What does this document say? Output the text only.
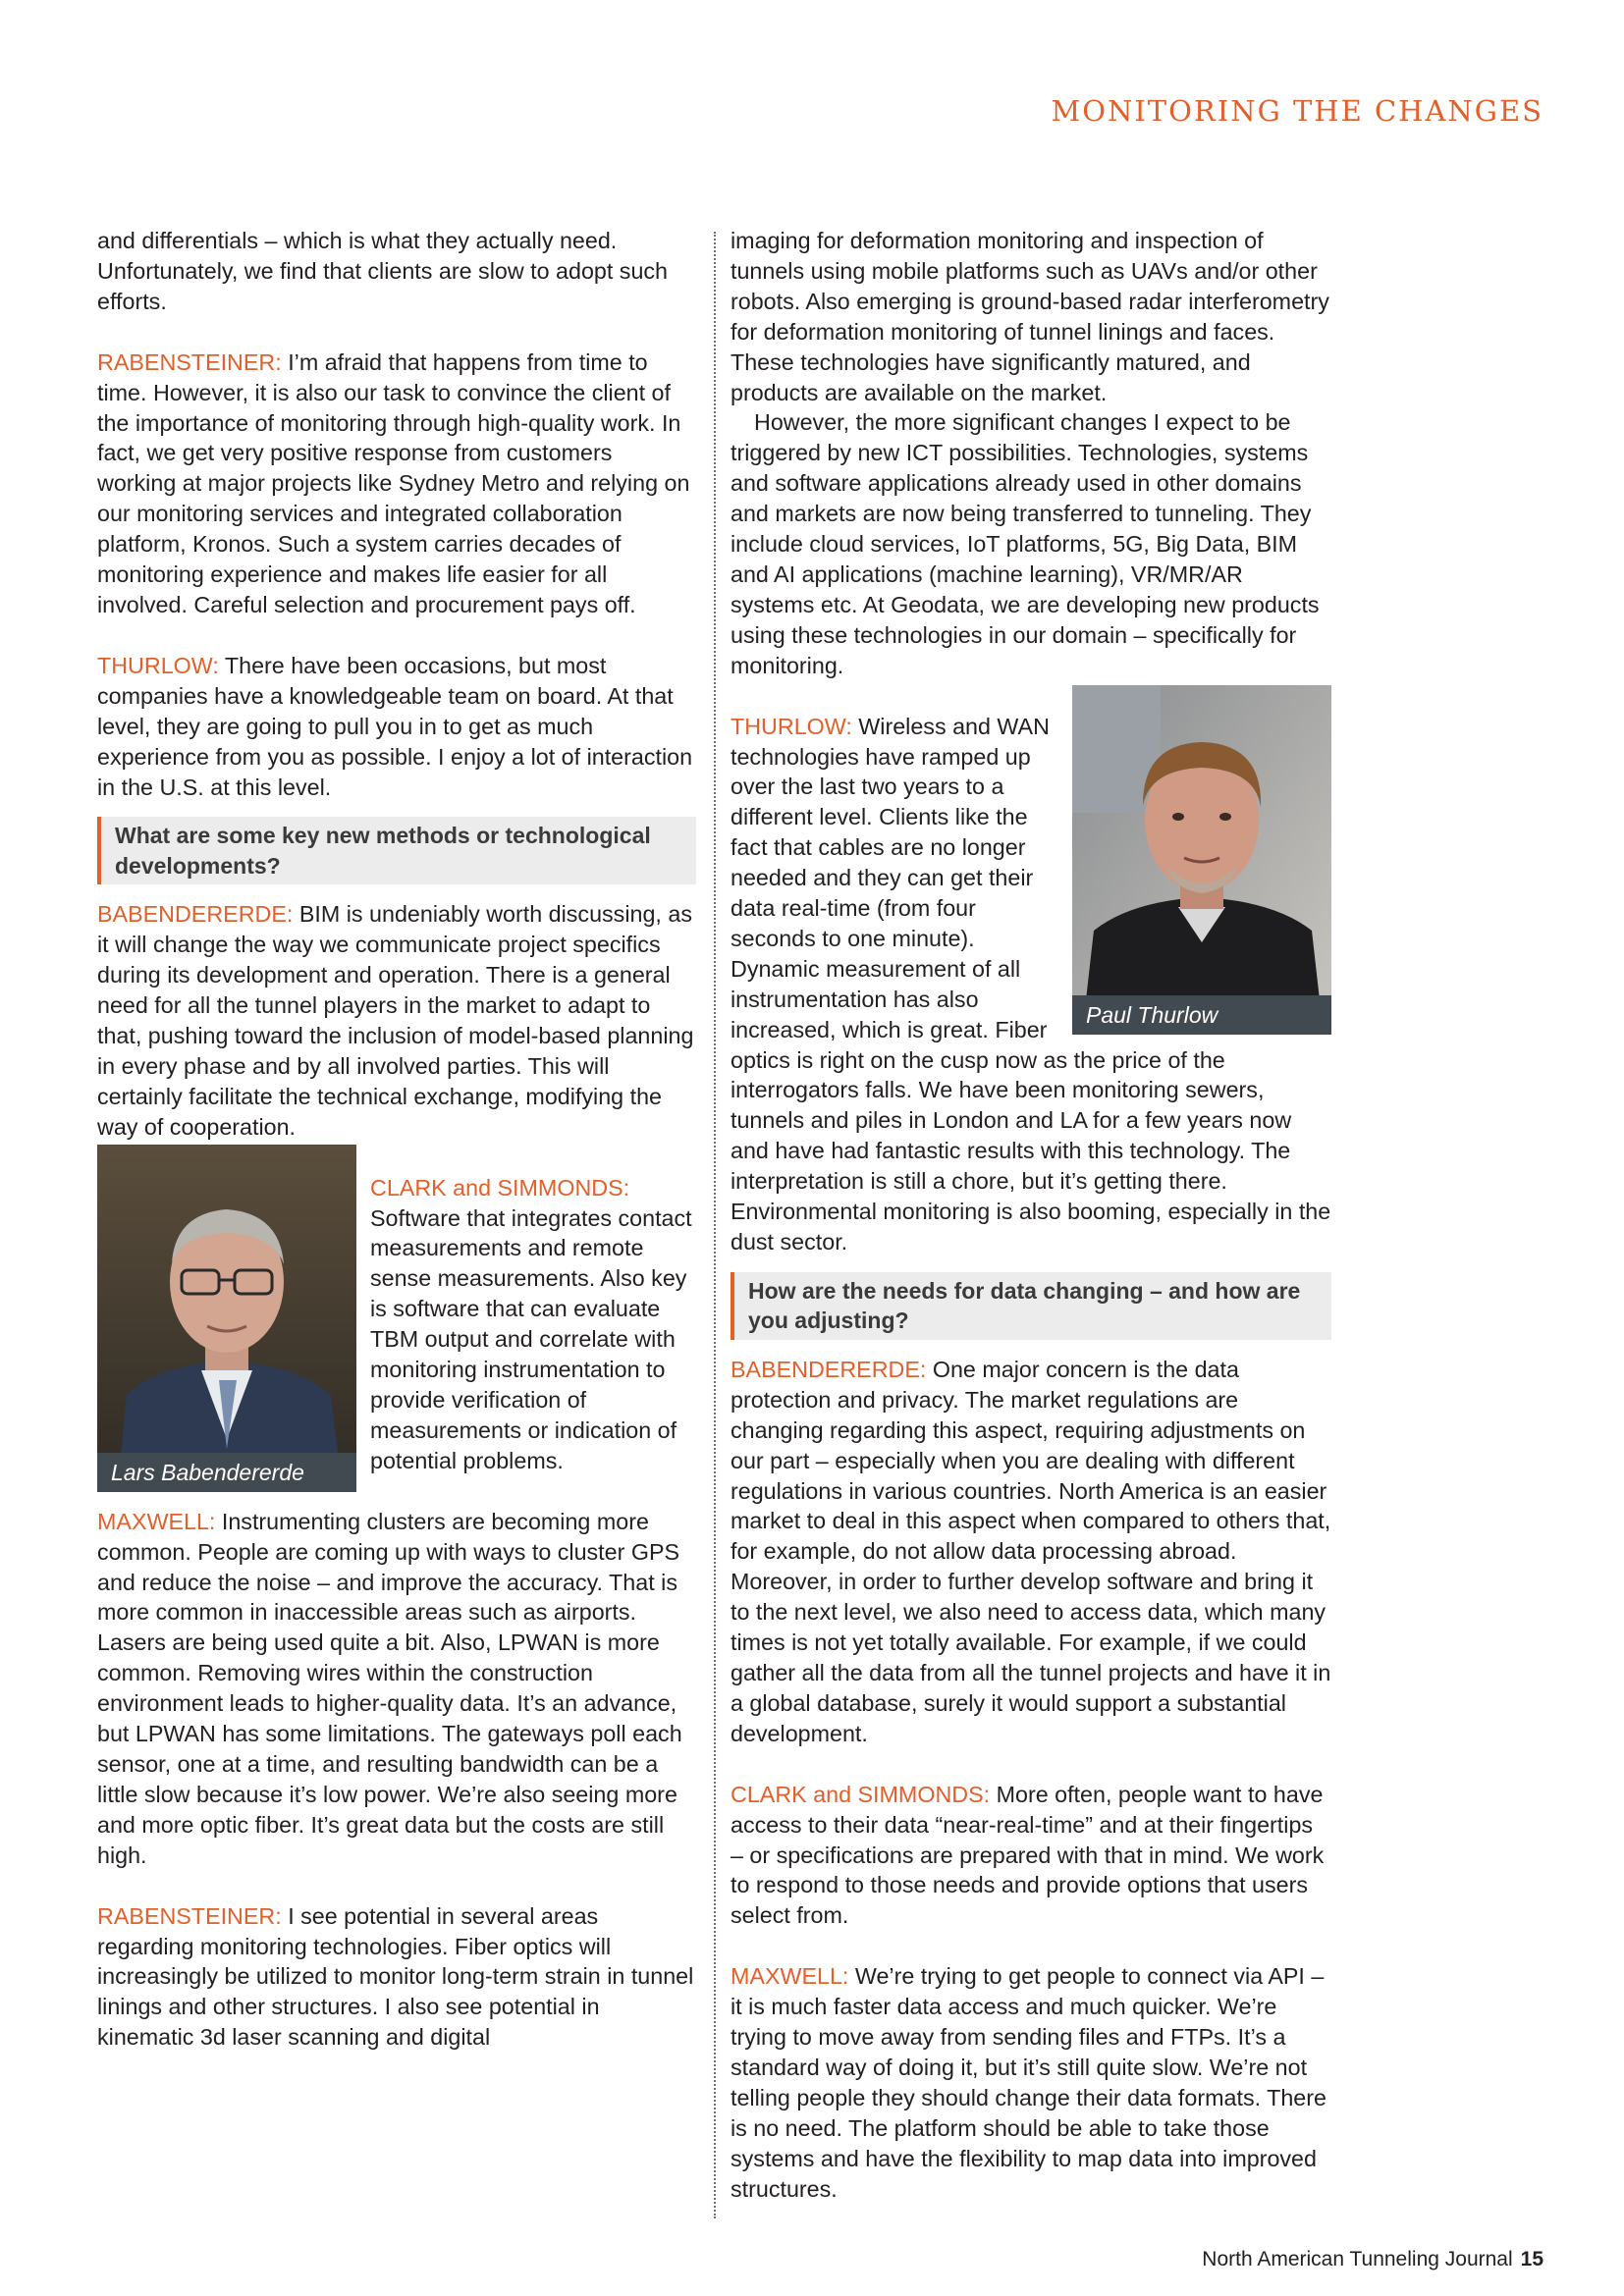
MONITORING THE CHANGES

and differentials – which is what they actually need. Unfortunately, we find that clients are slow to adopt such efforts.

RABENSTEINER: I’m afraid that happens from time to time. However, it is also our task to convince the client of the importance of monitoring through high-quality work. In fact, we get very positive response from customers working at major projects like Sydney Metro and relying on our monitoring services and integrated collaboration platform, Kronos. Such a system carries decades of monitoring experience and makes life easier for all involved. Careful selection and procurement pays off.

THURLOW: There have been occasions, but most companies have a knowledgeable team on board. At that level, they are going to pull you in to get as much experience from you as possible. I enjoy a lot of interaction in the U.S. at this level.

What are some key new methods or technological developments?

BABENDERERDE: BIM is undeniably worth discussing, as it will change the way we communicate project specifics during its development and operation. There is a general need for all the tunnel players in the market to adapt to that, pushing toward the inclusion of model-based planning in every phase and by all involved parties. This will certainly facilitate the technical exchange, modifying the way of cooperation.

Lars Babendererde

CLARK and SIMMONDS: Software that integrates contact measurements and remote sense measurements. Also key is software that can evaluate TBM output and correlate with monitoring instrumentation to provide verification of measurements or indication of potential problems.

MAXWELL: Instrumenting clusters are becoming more common. People are coming up with ways to cluster GPS and reduce the noise – and improve the accuracy. That is more common in inaccessible areas such as airports. Lasers are being used quite a bit. Also, LPWAN is more common. Removing wires within the construction environment leads to higher-quality data. It’s an advance, but LPWAN has some limitations. The gateways poll each sensor, one at a time, and resulting bandwidth can be a little slow because it’s low power. We’re also seeing more and more optic fiber. It’s great data but the costs are still high.

RABENSTEINER: I see potential in several areas regarding monitoring technologies. Fiber optics will increasingly be utilized to monitor long-term strain in tunnel linings and other structures. I also see potential in kinematic 3d laser scanning and digital

imaging for deformation monitoring and inspection of tunnels using mobile platforms such as UAVs and/or other robots. Also emerging is ground-based radar interferometry for deformation monitoring of tunnel linings and faces. These technologies have significantly matured, and products are available on the market.

However, the more significant changes I expect to be triggered by new ICT possibilities. Technologies, systems and software applications already used in other domains and markets are now being transferred to tunneling. They include cloud services, IoT platforms, 5G, Big Data, BIM and AI applications (machine learning), VR/MR/AR systems etc. At Geodata, we are developing new products using these technologies in our domain – specifically for monitoring.

Paul Thurlow

THURLOW: Wireless and WAN technologies have ramped up over the last two years to a different level. Clients like the fact that cables are no longer needed and they can get their data real-time (from four seconds to one minute). Dynamic measurement of all instrumentation has also increased, which is great. Fiber optics is right on the cusp now as the price of the interrogators falls. We have been monitoring sewers, tunnels and piles in London and LA for a few years now and have had fantastic results with this technology. The interpretation is still a chore, but it’s getting there. Environmental monitoring is also booming, especially in the dust sector.

How are the needs for data changing – and how are you adjusting?

BABENDERERDE: One major concern is the data protection and privacy. The market regulations are changing regarding this aspect, requiring adjustments on our part – especially when you are dealing with different regulations in various countries. North America is an easier market to deal in this aspect when compared to others that, for example, do not allow data processing abroad. Moreover, in order to further develop software and bring it to the next level, we also need to access data, which many times is not yet totally available. For example, if we could gather all the data from all the tunnel projects and have it in a global database, surely it would support a substantial development.

CLARK and SIMMONDS: More often, people want to have access to their data “near-real-time” and at their fingertips – or specifications are prepared with that in mind. We work to respond to those needs and provide options that users select from.

MAXWELL: We’re trying to get people to connect via API – it is much faster data access and much quicker. We’re trying to move away from sending files and FTPs. It’s a standard way of doing it, but it’s still quite slow. We’re not telling people they should change their data formats. There is no need. The platform should be able to take those systems and have the flexibility to map data into improved structures.

North American Tunneling Journal 15
